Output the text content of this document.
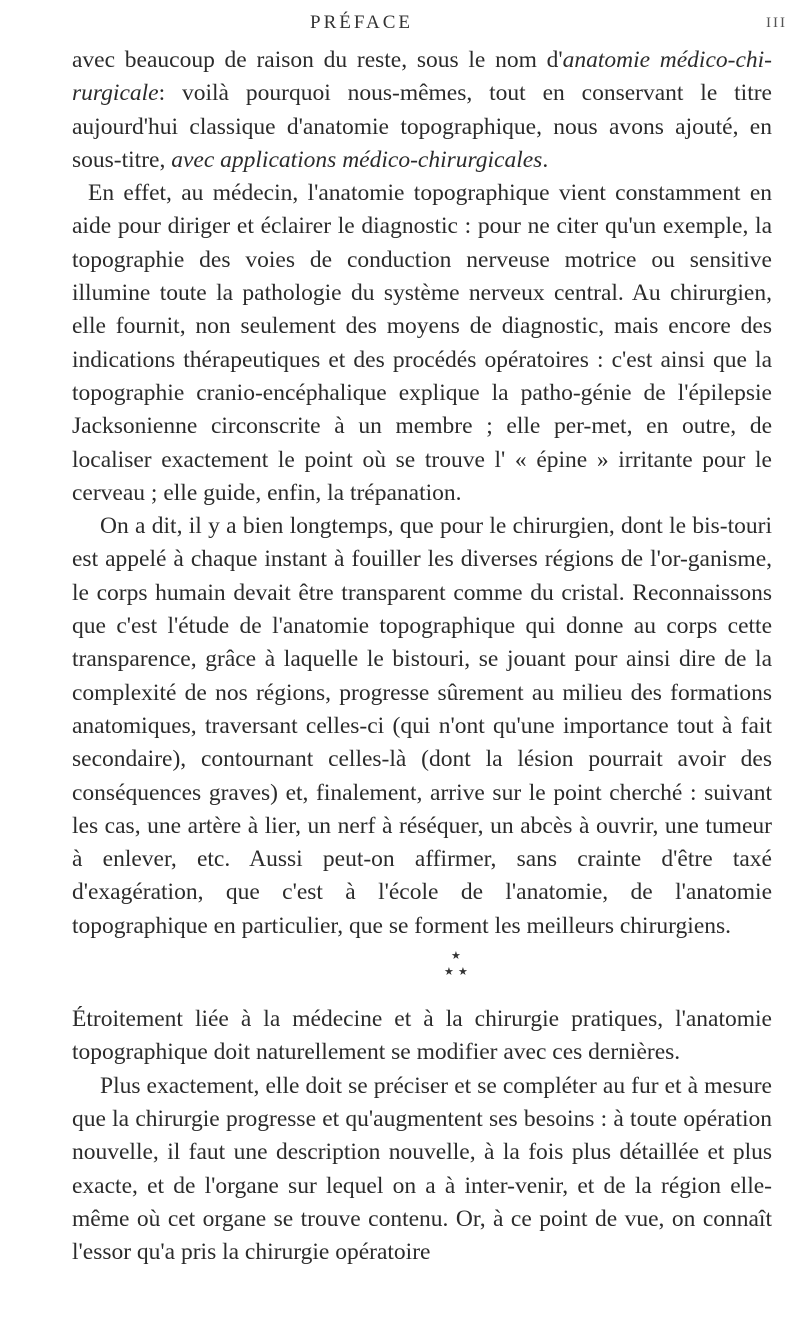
PRÉFACE	III

avec beaucoup de raison du reste, sous le nom d'anatomie médico-chi-rurgicale: voilà pourquoi nous-mêmes, tout en conservant le titre aujourd'hui classique d'anatomie topographique, nous avons ajouté, en sous-titre, avec applications médico-chirurgicales.

En effet, au médecin, l'anatomie topographique vient constamment en aide pour diriger et éclairer le diagnostic : pour ne citer qu'un exemple, la topographie des voies de conduction nerveuse motrice ou sensitive illumine toute la pathologie du système nerveux central. Au chirurgien, elle fournit, non seulement des moyens de diagnostic, mais encore des indications thérapeutiques et des procédés opératoires : c'est ainsi que la topographie cranio-encéphalique explique la patho-génie de l'épilepsie Jacksonienne circonscrite à un membre ; elle per-met, en outre, de localiser exactement le point où se trouve l' « épine » irritante pour le cerveau ; elle guide, enfin, la trépanation.

On a dit, il y a bien longtemps, que pour le chirurgien, dont le bis-touri est appelé à chaque instant à fouiller les diverses régions de l'or-ganisme, le corps humain devait être transparent comme du cristal. Reconnaissons que c'est l'étude de l'anatomie topographique qui donne au corps cette transparence, grâce à laquelle le bistouri, se jouant pour ainsi dire de la complexité de nos régions, progresse sûrement au milieu des formations anatomiques, traversant celles-ci (qui n'ont qu'une importance tout à fait secondaire), contournant celles-là (dont la lésion pourrait avoir des conséquences graves) et, finalement, arrive sur le point cherché : suivant les cas, une artère à lier, un nerf à réséquer, un abcès à ouvrir, une tumeur à enlever, etc. Aussi peut-on affirmer, sans crainte d'être taxé d'exagération, que c'est à l'école de l'anatomie, de l'anatomie topographique en particulier, que se forment les meilleurs chirurgiens.

★
★ ★

Étroitement liée à la médecine et à la chirurgie pratiques, l'anatomie topographique doit naturellement se modifier avec ces dernières.

Plus exactement, elle doit se préciser et se compléter au fur et à mesure que la chirurgie progresse et qu'augmentent ses besoins : à toute opération nouvelle, il faut une description nouvelle, à la fois plus détaillée et plus exacte, et de l'organe sur lequel on a à inter-venir, et de la région elle-même où cet organe se trouve contenu. Or, à ce point de vue, on connaît l'essor qu'a pris la chirurgie opératoire
